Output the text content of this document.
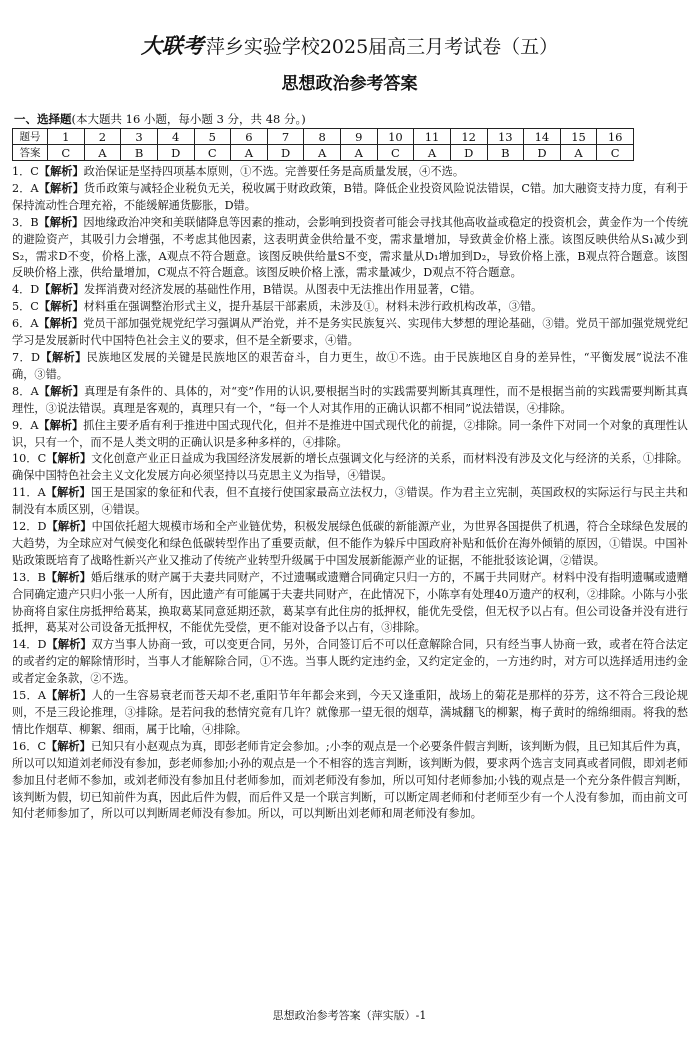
大联考 萍乡实验学校2025届高三月考试卷（五）
思想政治参考答案
一、选择题(本大题共 16 小题，每小题 3 分，共 48 分。)
题号	1	2	3	4	5	6	7	8	9	10	11	12	13	14	15	16
答案	C	A	B	D	C	A	D	A	A	C	A	D	B	D	A	C

1．C【解析】政治保证是坚持四项基本原则，①不选。完善要任务是高质量发展，④不选。

2．A【解析】货币政策与减轻企业税负无关，税收属于财政政策，B错。降低企业投资风险说法错误，C错。加大融资支持力度，有利于保持流动性合理充裕，不能缓解通货膨胀，D错。

3．B【解析】因地缘政治冲突和美联储降息等因素的推动，会影响到投资者可能会寻找其他高收益或稳定的投资机会，黄金作为一个传统的避险资产，其吸引力会增强，不考虑其他因素，这表明黄金供给量不变，需求量增加，导致黄金价格上涨。该图反映供给从S₁减少到S₂，需求D不变，价格上涨，A观点不符合题意。该图反映供给量S不变，需求量从D₁增加到D₂，导致价格上涨，B观点符合题意。该图反映价格上涨，供给量增加，C观点不符合题意。该图反映价格上涨，需求量减少，D观点不符合题意。

4．D【解析】发挥消费对经济发展的基础性作用，B错误。从图表中无法推出作用显著，C错。

5．C【解析】材料重在强调整治形式主义，提升基层干部素质，未涉及①。材料未涉行政机构改革，③错。

6．A【解析】党员干部加强党规党纪学习强调从严治党，并不是务实民族复兴、实现伟大梦想的理论基础，③错。党员干部加强党规党纪学习是发展新时代中国特色社会主义的要求，但不是全新要求，④错。

7．D【解析】民族地区发展的关键是民族地区的艰苦奋斗，自力更生，故①不选。由于民族地区自身的差异性，“平衡发展”说法不准确，③错。

8．A【解析】真理是有条件的、具体的，对“变”作用的认识,要根据当时的实践需要判断其真理性，而不是根据当前的实践需要判断其真理性，③说法错误。真理是客观的，真理只有一个，“每一个人对其作用的正确认识都不相同”说法错误，④排除。

9．A【解析】抓住主要矛盾有利于推进中国式现代化，但并不是推进中国式现代化的前提，②排除。同一条件下对同一个对象的真理性认识，只有一个，而不是人类文明的正确认识是多种多样的，④排除。

10．C【解析】文化创意产业正日益成为我国经济发展新的增长点强调文化与经济的关系，而材料没有涉及文化与经济的关系，①排除。确保中国特色社会主义文化发展方向必须坚持以马克思主义为指导，④错误。

11．A【解析】国王是国家的象征和代表，但不直接行使国家最高立法权力，③错误。作为君主立宪制，英国政权的实际运行与民主共和制没有本质区别，④错误。

12．D【解析】中国依托超大规模市场和全产业链优势，积极发展绿色低碳的新能源产业，为世界各国提供了机遇，符合全球绿色发展的大趋势，为全球应对气候变化和绿色低碳转型作出了重要贡献，但不能作为躲斥中国政府补贴和低价在海外倾销的原因，①错误。中国补贴政策既培育了战略性新兴产业又推动了传统产业转型升级属于中国发展新能源产业的证据，不能批驳该论调，②错误。

13．B【解析】婚后继承的财产属于夫妻共同财产，不过遗嘱或遗赠合同确定只归一方的，不属于共同财产。材料中没有指明遗嘱或遗赠合同确定遗产只归小张一人所有，因此遗产有可能属于夫妻共同财产，在此情况下，小陈享有处理40万遗产的权利，②排除。小陈与小张协商将自家住房抵押给葛某，换取葛某同意延期还款，葛某享有此住房的抵押权，能优先受偿，但无权予以占有。但公司设备并没有进行抵押，葛某对公司设备无抵押权，不能优先受偿，更不能对设备予以占有，③排除。

14．D【解析】双方当事人协商一致，可以变更合同，另外，合同签订后不可以任意解除合同，只有经当事人协商一致，或者在符合法定的或者约定的解除情形时，当事人才能解除合同，①不选。当事人既约定违约金，又约定定金的，一方违约时，对方可以选择适用违约金或者定金条款，②不选。

15．A【解析】人的一生容易衰老而苍天却不老,重阳节年年都会来到，今天又逢重阳，战场上的菊花是那样的芬芳，这不符合三段论规则，不是三段论推理，③排除。是若问我的愁情究竟有几许？就像那一望无很的烟草，满城翻飞的柳絮，梅子黄时的绵绵细雨。将我的愁情比作烟草、柳絮、细雨，属于比喻，④排除。

16．C【解析】已知只有小赵观点为真，即彭老师肯定会参加。;小李的观点是一个必要条件假言判断，该判断为假，且已知其后件为真，所以可以知道刘老师没有参加，彭老师参加;小孙的观点是一个不相容的选言判断，该判断为假，要求两个选言支同真或者同假，即刘老师参加且付老师不参加，或刘老师没有参加且付老师参加，而刘老师没有参加，所以可知付老师参加;小钱的观点是一个充分条件假言判断，该判断为假，切已知前件为真，因此后件为假，而后件又是一个联言判断，可以断定周老师和付老师至少有一个人没有参加，而由前文可知付老师参加了，所以可以判断周老师没有参加。所以，可以判断出刘老师和周老师没有参加。

思想政治参考答案（萍实版）-1
